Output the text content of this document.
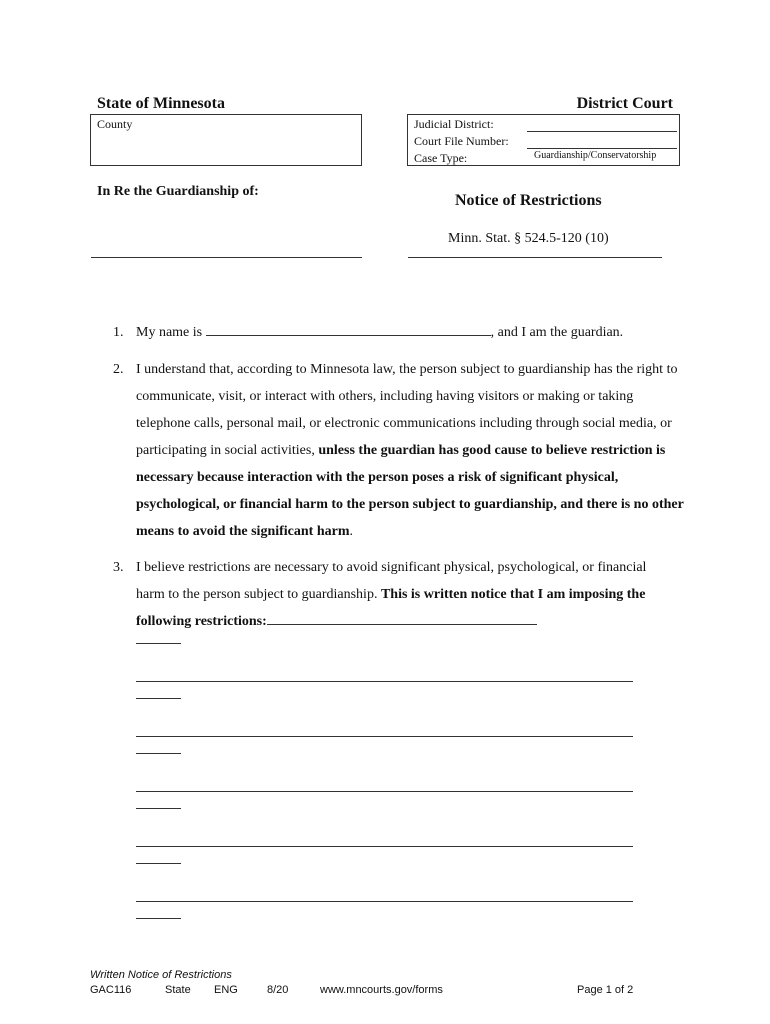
State of Minnesota	District Court
County	Judicial District:
Court File Number:
Case Type:	Guardianship/Conservatorship
In Re the Guardianship of:
Notice of Restrictions
Minn. Stat. § 524.5-120 (10)
1. My name is	, and I am the guardian.
2. I understand that, according to Minnesota law, the person subject to guardianship has the right to communicate, visit, or interact with others, including having visitors or making or taking telephone calls, personal mail, or electronic communications including through social media, or participating in social activities, unless the guardian has good cause to believe restriction is necessary because interaction with the person poses a risk of significant physical, psychological, or financial harm to the person subject to guardianship, and there is no other means to avoid the significant harm.
3. I believe restrictions are necessary to avoid significant physical, psychological, or financial harm to the person subject to guardianship. This is written notice that I am imposing the following restrictions:
Written Notice of Restrictions
GAC116	State ENG	8/20	www.mncourts.gov/forms	Page 1 of 2
